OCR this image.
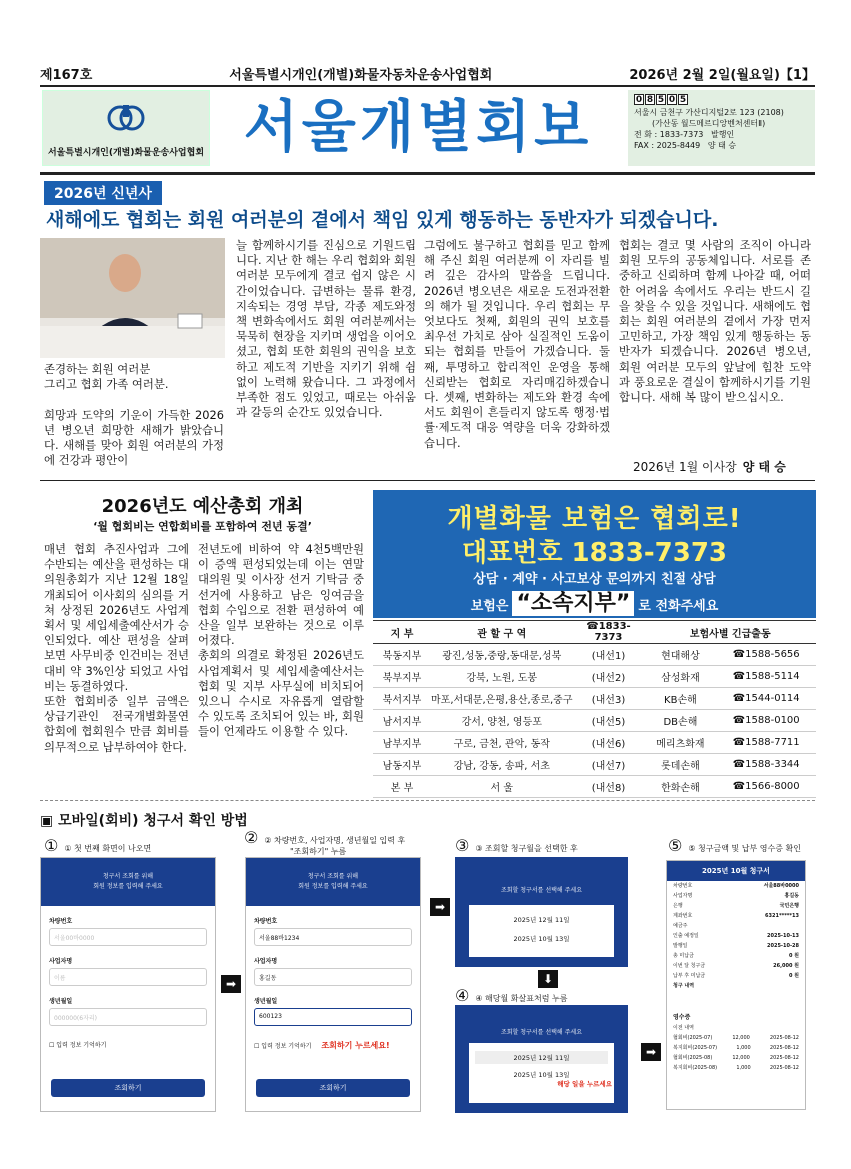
제167호	서울특별시개인(개별)화물자동차운송사업협회	2026년 2월 2일(월요일)【1】
서울특별시개인(개별)화물운송사업협회 서울개별회보	0 8 5 0 5
서울시 금천구 가산디지털2로 123 (2108)
(가산동 월드메르디앙벤처센터Ⅱ)
전 화 : 1833-7373 발행인
FAX : 2025-8449 양 태 승
2026년 신년사
새해에도 협회는 회원 여러분의 곁에서 책임 있게 행동하는 동반자가 되겠습니다.
존경하는 회원 여러분
그리고 협회 가족 여러분.

희망과 도약의 기운이 가득한 2026년 병오년 희망한 새해가 밝았습니다. 새해를 맞아 회원 여러분의 가정에 건강과 평안이
늘 함께하시기를 진심으로 기원드립니다. 지난 한 해는 우리 협회와 회원 여러분 모두에게 결코 쉽지 않은 시간이었습니다. 급변하는 물류 환경, 지속되는 경영 부담, 각종 제도와정책 변화속에서도 회원 여러분께서는 묵묵히 현장을 지키며 생업을 이어오셨고, 협회 또한 회원의 권익을 보호하고 제도적 기반을 지키기 위해 쉼 없이 노력해 왔습니다. 그 과정에서 부족한 점도 있었고, 때로는 아쉬움과 갈등의 순간도 있었습니다.
그럼에도 불구하고 협회를 믿고 함께해 주신 회원 여러분께 이 자리를 빌려 깊은 감사의 말씀을 드립니다. 2026년 병오년은 새로운 도전과전환의 해가 될 것입니다. 우리 협회는 무엇보다도 첫째, 회원의 권익 보호를 최우선 가치로 삼아 실질적인 도움이 되는 협회를 만들어 가겠습니다. 둘째, 투명하고 합리적인 운영을 통해 신뢰받는 협회로 자리매김하겠습니다. 셋째, 변화하는 제도와 환경 속에서도 회원이 흔들리지 않도록 행정·법률·제도적 대응 역량을 더욱 강화하겠습니다.
협회는 결코 몇 사람의 조직이 아니라 회원 모두의 공동체입니다. 서로를 존중하고 신뢰하며 함께 나아갈 때, 어떠한 어려움 속에서도 우리는 반드시 길을 찾을 수 있을 것입니다. 새해에도 협회는 회원 여러분의 곁에서 가장 먼저 고민하고, 가장 책임 있게 행동하는 동반자가 되겠습니다. 2026년 병오년, 회원 여러분 모두의 앞날에 힘찬 도약과 풍요로운 결실이 함께하시기를 기원합니다. 새해 복 많이 받으십시오.
2026년 1월 이사장 양 태 승
2026년도 예산총회 개최
‘월 협회비는 연합회비를 포함하여 전년 동결’
매년 협회 추진사업과 그에 수반되는 예산을 편성하는 대의원총회가 지난 12월 18일 개최되어 이사회의 심의를 거쳐 상정된 2026년도 사업계획서 및 세입세출예산서가 승인되었다. 예산 편성을 살펴보면 사무비중 인건비는 전년대비 약 3%인상 되었고 사업비는 동결하였다.
또한 협회비중 일부 금액은 상급기관인 전국개별화물연합회에 협회원수 만큼 회비를 의무적으로 납부하여야 한다.
전년도에 비하여 약 4천5백만원이 증액 편성되었는데 이는 연말 대의원 및 이사장 선거 기탁금 중 선거에 사용하고 남은 잉여금을 협회 수입으로 전환 편성하여 예산을 일부 보완하는 것으로 이루어졌다.
총회의 의결로 확정된 2026년도 사업계획서 및 세입세출예산서는 협회 및 지부 사무실에 비치되어 있으니 수시로 자유롭게 열람할 수 있도록 조치되어 있는 바, 회원들이 언제라도 이용할 수 있다.
개별화물 보험은 협회로!
대표번호 1833-7373
상담 · 계약 · 사고보상 문의까지 친절 상담
보험은 “소속지부” 로 전화주세요
지 부	관 할 구 역	☎1833-7373	보험사별 긴급출동	
북동지부	광진,성동,중랑,동대문,성북	(내선1)	현대해상	☎1588-5656
북부지부	강북, 노원, 도봉	(내선2)	삼성화재	☎1588-5114
북서지부	마포,서대문,은평,용산,종로,중구	(내선3)	KB손해	☎1544-0114
남서지부	강서, 양천, 영등포	(내선5)	DB손해	☎1588-0100
남부지부	구로, 금천, 관악, 동작	(내선6)	메리츠화재	☎1588-7711
남동지부	강남, 강동, 송파, 서초	(내선7)	롯데손해	☎1588-3344
본 부	서 울	(내선8)	한화손해	☎1566-8000
▣ 모바일(회비) 청구서 확인 방법
① ① 첫 번째 화면이 나오면
② ② 차량번호, 사업자명, 생년월일 입력 후
"조회하기" 누름	③ ③ 조회할 청구월을 선택한 후
④ ④ 해당월 화살표처럼 누름
⑤ ⑤ 청구금액 및 납부 영수증 확인
청구서 조회를 위해
회원 정보를 입력해 주세요
차량번호
서울00바0000
사업자명
이름
생년월일
000000(6자리)
☐ 입력 정보 기억하기
조회하기
➡
청구서 조회를 위해
회원 정보를 입력해 주세요
차량번호
서울88바1234
사업자명
홍길동
생년월일
600123
☐ 입력 정보 기억하기 조회하기 누르세요!
조회하기
➡
조회할 청구서를 선택해 주세요
2025년 12월 11일
2025년 10월 13일
⬇
조회할 청구서를 선택해 주세요
2025년 12월 11일
2025년 10월 13일
해당 일을 누르세요
➡
2025년 10월 청구서
차량번호	서울88바0000
사업자명	홍길동
은행	국민은행
계좌번호	6321*****13
예금주
인출 예정일	2025-10-13
발행일	2025-10-28
총 미납금	0 원
이번 달 청구금	26,000 원
납부 후 미납금	0 원
청구 내역
영수증
이전 내역
협회비(2025-07)	12,000	2025-08-12
복지회비(2025-07)	1,000	2025-08-12
협회비(2025-08)	12,000	2025-08-12
복지회비(2025-08)	1,000	2025-08-12
